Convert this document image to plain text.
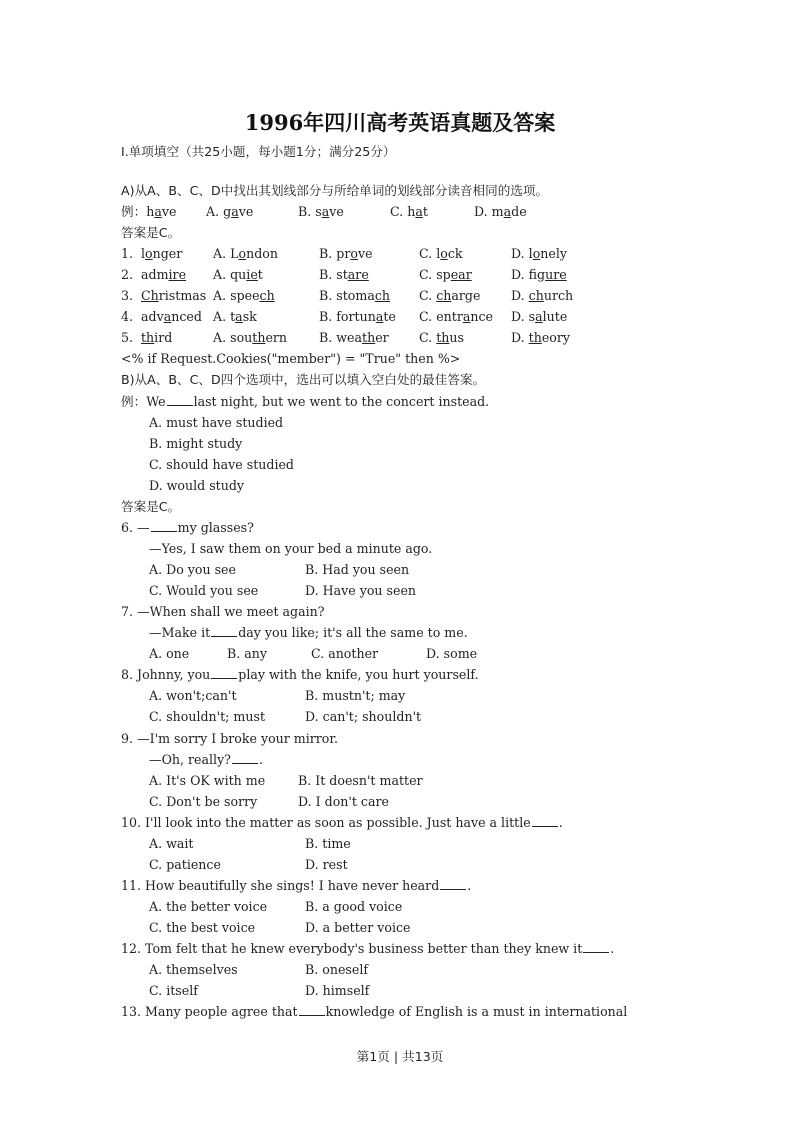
1996年四川高考英语真题及答案
Ⅰ.单项填空（共25小题，每小题1分；满分25分）
A)从A、B、C、D中找出其划线部分与所给单词的划线部分读音相同的选项。
例：have A. gave	B. save	C. hat	D. made
答案是C。
1. longer A. London	B. prove	C. lock	D. lonely
2. admire A. quiet	B. stare	C. spear	D. figure
3. Christmas A. speech	B. stomach C. charge D. church
4. advanced A. task	B. fortunate C. entrance D. salute
5. third	A. southern	B. weather C. thus	D. theory
<% if Request.Cookies("member") = "True" then %>
B)从A、B、C、D四个选项中，选出可以填入空白处的最佳答案。
例：We last night, but we went to the concert instead.
A. must have studied
B. might study
C. should have studied
D. would study
答案是C。
6. — my glasses?
—Yes, I saw them on your bed a minute ago.
A. Do you see	B. Had you seen
C. Would you see	D. Have you seen
7. —When shall we meet again?
—Make it day you like; it's all the same to me.
A. one	B. any	C. another	D. some
8. Johnny, you play with the knife, you hurt yourself.
A. won't;can't	B. mustn't; may
C. shouldn't; must	D. can't; shouldn't
9. —I'm sorry I broke your mirror.
—Oh, really? .
A. It's OK with me	B. It doesn't matter
C. Don't be sorry	D. I don't care
10. I'll look into the matter as soon as possible. Just have a little .
A. wait	B. time
C. patience	D. rest
11. How beautifully she sings! I have never heard .
A. the better voice	B. a good voice
C. the best voice	D. a better voice
12. Tom felt that he knew everybody's business better than they knew it .
A. themselves	B. oneself
C. itself	D. himself
13. Many people agree that knowledge of English is a must in international
第1页 | 共13页
